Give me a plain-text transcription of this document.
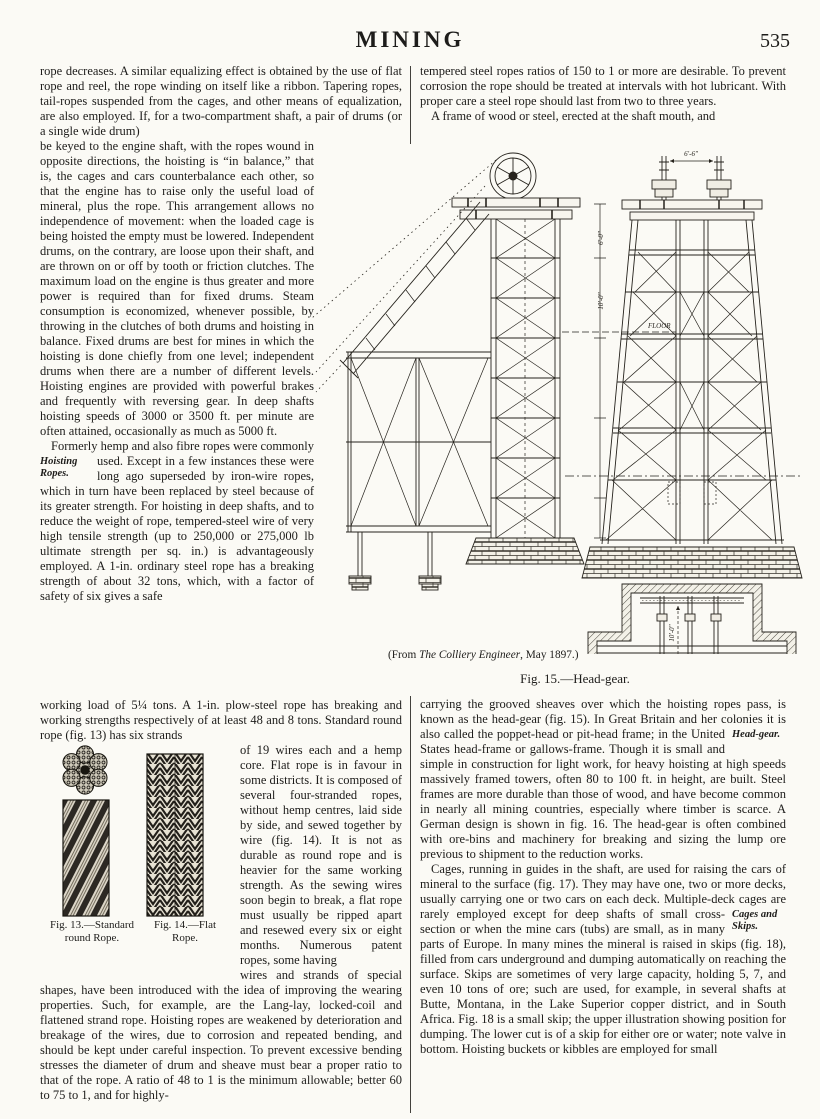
MINING	535

rope decreases. A similar equalizing effect is obtained by the use of flat rope and reel, the rope winding on itself like a ribbon. Tapering ropes, tail-ropes suspended from the cages, and other means of equalization, are also employed. If, for a two-compartment shaft, a pair of drums (or a single wide drum)

be keyed to the engine shaft, with the ropes wound in opposite directions, the hoisting is “in balance,” that is, the cages and cars counterbalance each other, so that the engine has to raise only the useful load of mineral, plus the rope. This arrangement allows no independence of movement: when the loaded cage is being hoisted the empty must be lowered. Independent drums, on the contrary, are loose upon their shaft, and are thrown on or off by tooth or friction clutches. The maximum load on the engine is thus greater and more power is required than for fixed drums. Steam consumption is economized, whenever possible, by throwing in the clutches of both drums and hoisting in balance. Fixed drums are best for mines in which the hoisting is done chiefly from one level; independent drums when there are a number of different levels. Hoisting engines are provided with powerful brakes and frequently with reversing gear. In deep shafts hoisting speeds of 3000 or 3500 ft. per minute are often attained, occasionally as much as 5000 ft.

Formerly hemp and also fibre ropes were commonly used. Except in a few instances
Hoisting Ropes.
these were long ago superseded by iron-wire ropes, which in turn have been replaced by steel because of its greater strength. For hoisting in deep shafts, and to reduce the weight of rope, tempered-steel wire of very high tensile strength (up to 250,000 or 275,000 lb ultimate strength per sq. in.) is advantageously employed. A 1-in. ordinary steel rope has a breaking strength of about 32 tons, which, with a factor of safety of six gives a safe

working load of 5¼ tons. A 1-in. plow-steel rope has breaking and working strengths respectively of at least 48 and 8 tons. Standard round rope (fig. 13) has six strands

Fig. 13.—Standard round Rope.
Fig. 14.—Flat Rope.

of 19 wires each and a hemp core. Flat rope is in favour in some districts. It is composed of several four-stranded ropes, without hemp centres, laid side by side, and sewed together by wire (fig. 14). It is not as durable as round rope and is heavier for the same working strength. As the sewing wires soon begin to break, a flat rope must usually be ripped apart and resewed every six or eight months. Numerous patent ropes, some having

wires and strands of special shapes, have been introduced with the idea of improving the wearing properties. Such, for example, are the Lang-lay, locked-coil and flattened strand rope. Hoisting ropes are weakened by deterioration and breakage of the wires, due to corrosion and repeated bending, and should be kept under careful inspection. To prevent excessive bending stresses the diameter of drum and sheave must bear a proper ratio to that of the rope. A ratio of 48 to 1 is the minimum allowable; better 60 to 75 to 1, and for highly-

tempered steel ropes ratios of 150 to 1 or more are desirable. To prevent corrosion the rope should be treated at intervals with hot lubricant. With proper care a steel rope should last from two to three years.

A frame of wood or steel, erected at the shaft mouth, and

6'-0"
10'-0"
FLOOR
6'-6"
10'-0"
(From The Colliery Engineer, May 1897.)
Fig. 15.—Head-gear.

carrying the grooved sheaves over which the hoisting ropes pass, is known as the head-gear (fig. 15). In Great Britain and her colonies it is also called the poppet-head or	Head-gear.
pit-head frame; in the United States head-frame or gallows-frame. Though it is small and simple in construction for light work, for heavy hoisting at high speeds massively framed towers, often 80 to 100 ft. in height, are built. Steel frames are more durable than those of wood, and have become common in nearly all mining countries, especially where timber is scarce. A German design is shown in fig. 16. The head-gear is often combined with ore-bins and machinery for breaking and sizing the lump ore previous to shipment to the reduction works.

Cages, running in guides in the shaft, are used for raising the cars of mineral to the surface (fig. 17). They may have one, two or more decks, usually carrying one or two cars on each deck. Multiple-deck cages are
Cages and Skips.
rarely employed except for deep shafts of small cross-section or when the mine cars (tubs) are small, as in many parts of Europe. In many mines the mineral is raised in skips (fig. 18), filled from cars underground and dumping automatically on reaching the surface. Skips are sometimes of very large capacity, holding 5, 7, and even 10 tons of ore; such are used, for example, in several shafts at Butte, Montana, in the Lake Superior copper district, and in South Africa. Fig. 18 is a small skip; the upper illustration showing position for dumping. The lower cut is of a skip for either ore or water; note valve in bottom. Hoisting buckets or kibbles are employed for small
